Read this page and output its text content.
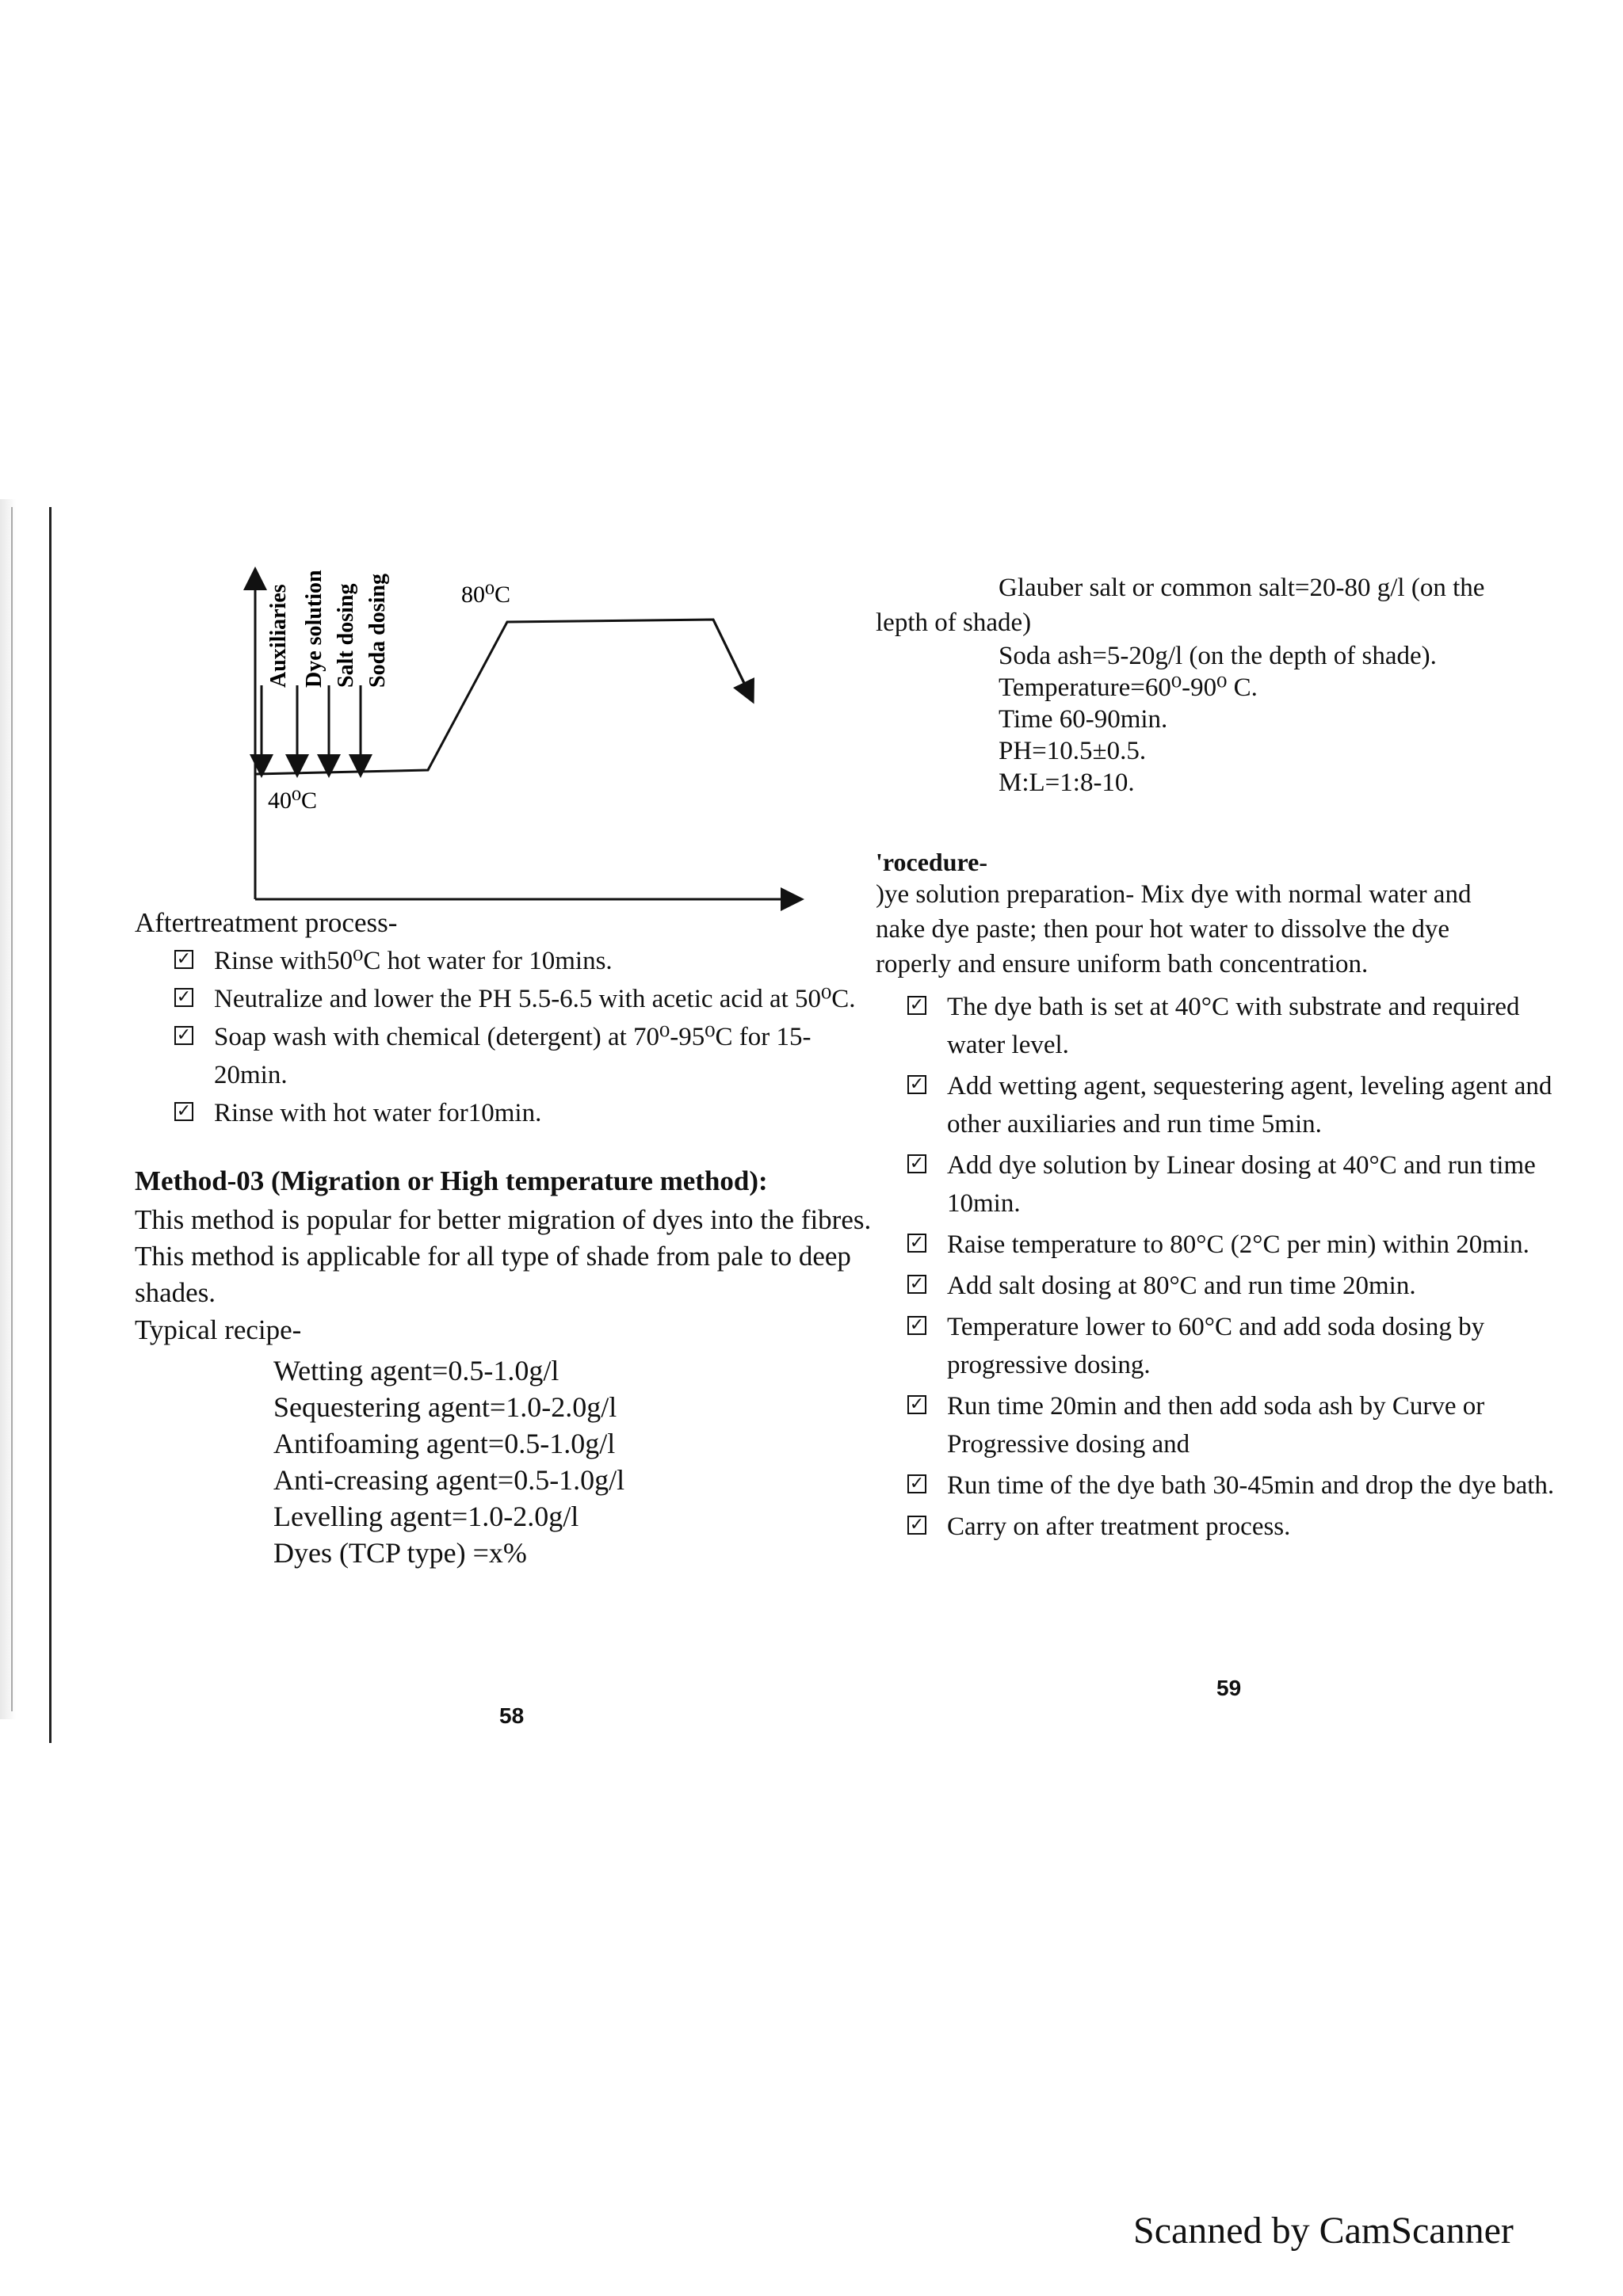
Auxiliaries Dye solution Salt dosing Soda dosing	80⁰C
40⁰C
Aftertreatment process-
✓ Rinse with50⁰C hot water for 10mins.
✓ Neutralize and lower the PH 5.5-6.5 with acetic acid at 50⁰C.
✓ Soap wash with chemical (detergent) at 70⁰-95⁰C for 15-20min.
✓ Rinse with hot water for10min.
Method-03 (Migration or High temperature method):

This method is popular for better migration of dyes into the fibres. This method is applicable for all type of shade from pale to deep shades.

Typical recipe-
Wetting agent=0.5-1.0g/l
Sequestering agent=1.0-2.0g/l
Antifoaming agent=0.5-1.0g/l
Anti-creasing agent=0.5-1.0g/l
Levelling agent=1.0-2.0g/l
Dyes (TCP type) =x%
58
Glauber salt or common salt=20-80 g/l (on the
lepth of shade)
Soda ash=5-20g/l (on the depth of shade).
Temperature=60⁰-90⁰ C.
Time 60-90min.
PH=10.5±0.5.
M:L=1:8-10.
'rocedure-
)ye solution preparation- Mix dye with normal water and
nake dye paste; then pour hot water to dissolve the dye
roperly and ensure uniform bath concentration.
✓ The dye bath is set at 40°C with substrate and required water level.
✓ Add wetting agent, sequestering agent, leveling agent and other auxiliaries and run time 5min.
✓ Add dye solution by Linear dosing at 40°C and run time 10min.
✓ Raise temperature to 80°C (2°C per min) within 20min.
✓ Add salt dosing at 80°C and run time 20min.
✓ Temperature lower to 60°C and add soda dosing by progressive dosing.
✓ Run time 20min and then add soda ash by Curve or Progressive dosing and
✓ Run time of the dye bath 30-45min and drop the dye bath.
✓ Carry on after treatment process.
59
Scanned by CamScanner
